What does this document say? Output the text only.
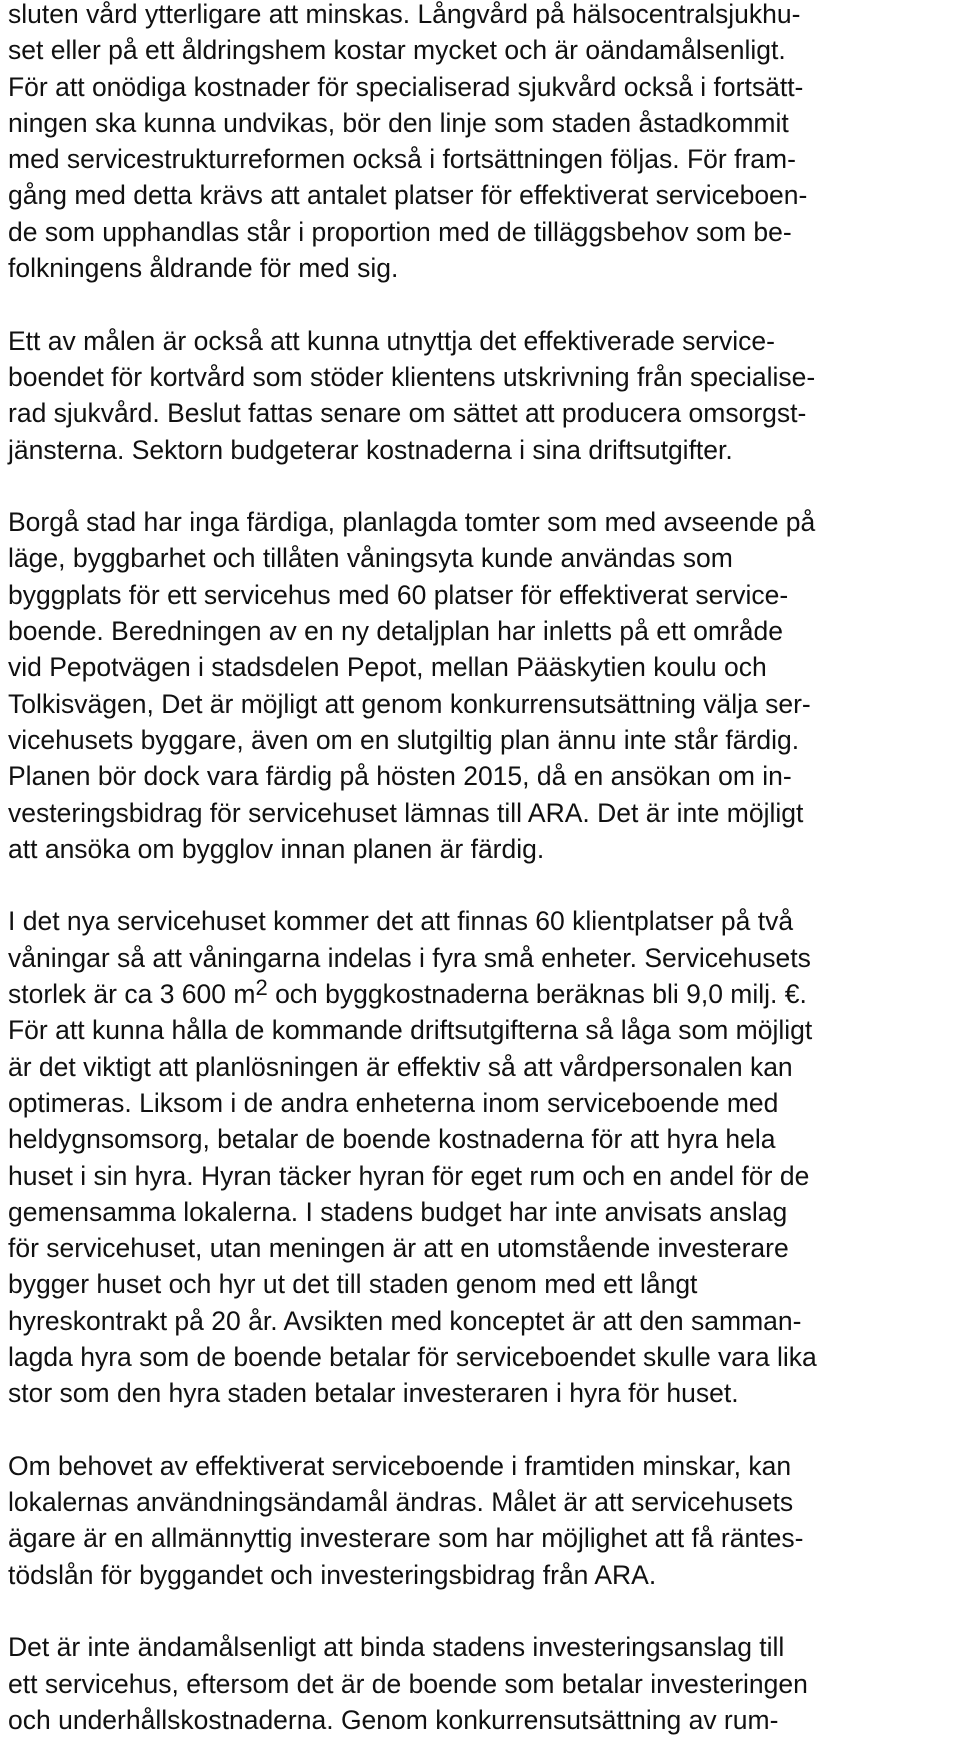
sluten vård ytterligare att minskas. Långvård på hälsocentralsjukhu-
set eller på ett åldringshem kostar mycket och är oändamålsenligt.
För att onödiga kostnader för specialiserad sjukvård också i fortsätt-
ningen ska kunna undvikas, bör den linje som staden åstadkommit
med servicestrukturreformen också i fortsättningen följas. För fram-
gång med detta krävs att antalet platser för effektiverat serviceboen-
de som upphandlas står i proportion med de tilläggsbehov som be-
folkningens åldrande för med sig.
Ett av målen är också att kunna utnyttja det effektiverade service-
boendet för kortvård som stöder klientens utskrivning från specialise-
rad sjukvård. Beslut fattas senare om sättet att producera omsorgst-
jänsterna. Sektorn budgeterar kostnaderna i sina driftsutgifter.
Borgå stad har inga färdiga, planlagda tomter som med avseende på
läge, byggbarhet och tillåten våningsyta kunde användas som
byggplats för ett servicehus med 60 platser för effektiverat service-
boende. Beredningen av en ny detaljplan har inletts på ett område
vid Pepotvägen i stadsdelen Pepot, mellan Pääskytien koulu och
Tolkisvägen, Det är möjligt att genom konkurrensutsättning välja ser-
vicehusets byggare, även om en slutgiltig plan ännu inte står färdig.
Planen bör dock vara färdig på hösten 2015, då en ansökan om in-
vesteringsbidrag för servicehuset lämnas till ARA. Det är inte möjligt
att ansöka om bygglov innan planen är färdig.
I det nya servicehuset kommer det att finnas 60 klientplatser på två
våningar så att våningarna indelas i fyra små enheter. Servicehusets
storlek är ca 3 600 $m^2$ och byggkostnaderna beräknas bli 9,0 milj. €.
För att kunna hålla de kommande driftsutgifterna så låga som möjligt
är det viktigt att planlösningen är effektiv så att vårdpersonalen kan
optimeras. Liksom i de andra enheterna inom serviceboende med
heldygnsomsorg, betalar de boende kostnaderna för att hyra hela
huset i sin hyra. Hyran täcker hyran för eget rum och en andel för de
gemensamma lokalerna. I stadens budget har inte anvisats anslag
för servicehuset, utan meningen är att en utomstående investerare
bygger huset och hyr ut det till staden genom med ett långt
hyreskontrakt på 20 år. Avsikten med konceptet är att den samman-
lagda hyra som de boende betalar för serviceboendet skulle vara lika
stor som den hyra staden betalar investeraren i hyra för huset.
Om behovet av effektiverat serviceboende i framtiden minskar, kan
lokalernas användningsändamål ändras. Målet är att servicehusets
ägare är en allmännyttig investerare som har möjlighet att få räntes-
tödslån för byggandet och investeringsbidrag från ARA.
Det är inte ändamålsenligt att binda stadens investeringsanslag till
ett servicehus, eftersom det är de boende som betalar investeringen
och underhållskostnaderna. Genom konkurrensutsättning av rum-
